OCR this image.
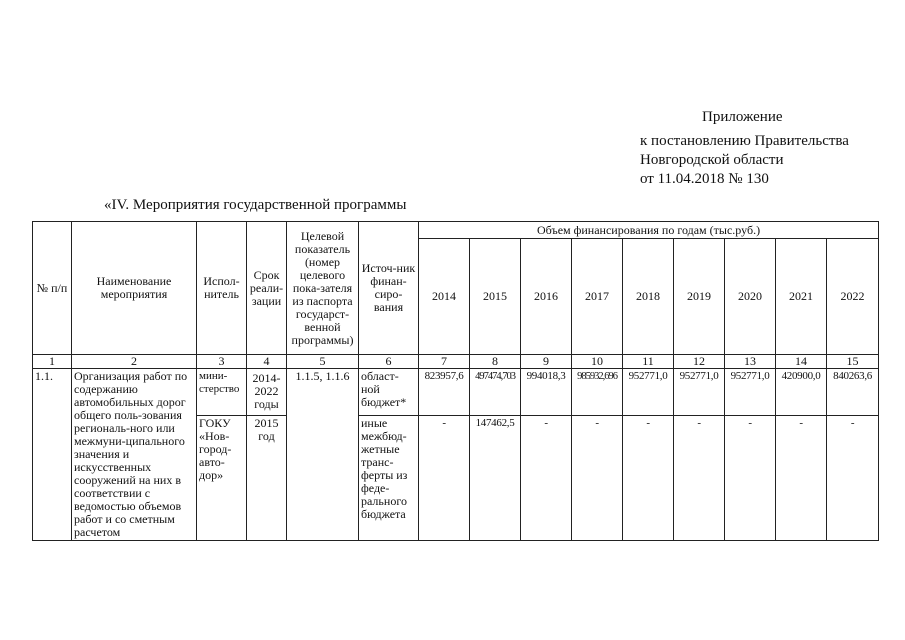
Приложение
к постановлению Правительства
Новгородской области
от 11.04.2018 № 130
«IV. Мероприятия государственной программы
№ п/п	Наименование мероприятия	Испол-нитель	Срок реали-зации	Целевой показатель (номер целевого пока-зателя из паспорта государст-венной программы)	Источ-ник финан-сиро-вания	Объем финансирования по годам (тыс.руб.)								
						2014	2015	2016	2017	2018	2019	2020	2021	2022
1	2	3	4	5	6	7	8	9	10	11	12	13	14	15
1.1.	Организация работ по содержанию автомобильных дорог общего поль-зования региональ-ного или межмуни-ципального значения и искусственных сооружений на них в соответствии с ведомостью объемов работ и со сметным расчетом	мини-стерство	2014-2022 годы	1.1.5, 1.1.6	област-ной бюджет*	823957,6	497474,703	994018,3	985932,696	952771,0	952771,0	952771,0	420900,0	840263,6
		ГОКУ «Нов-город-авто-дор»	2015 год		иные межбюд-жетные транс-ферты из феде-рального бюджета	-	147462,5	-	-	-	-	-	-	-
